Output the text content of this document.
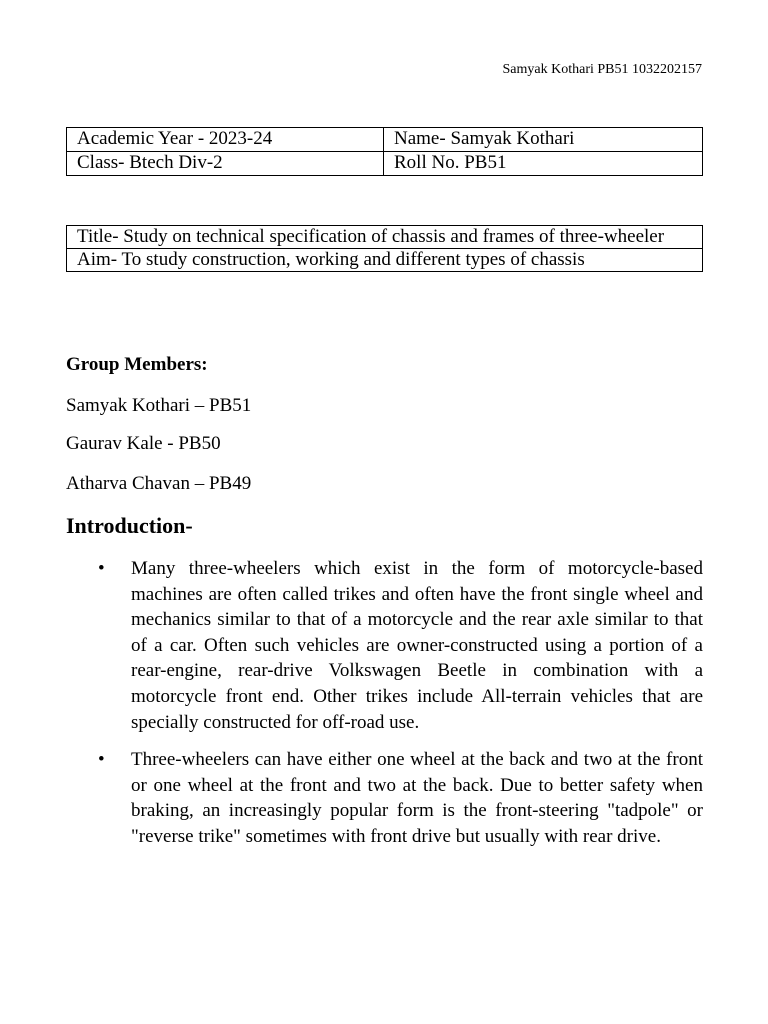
Samyak Kothari PB51 1032202157
Academic Year - 2023-24	Name- Samyak Kothari
Class- Btech Div-2	Roll No. PB51
Title- Study on technical specification of chassis and frames of three-wheeler
Aim- To study construction, working and different types of chassis
Group Members:
Samyak Kothari – PB51
Gaurav Kale - PB50
Atharva Chavan – PB49
Introduction-
• Many three-wheelers which exist in the form of motorcycle-based machines are often called trikes and often have the front single wheel and mechanics similar to that of a motorcycle and the rear axle similar to that of a car. Often such vehicles are owner-constructed using a portion of a rear-engine, rear-drive Volkswagen Beetle in combination with a motorcycle front end. Other trikes include All-terrain vehicles that are specially constructed for off-road use.
• Three-wheelers can have either one wheel at the back and two at the front or one wheel at the front and two at the back. Due to better safety when braking, an increasingly popular form is the front-steering "tadpole" or "reverse trike" sometimes with front drive but usually with rear drive.
